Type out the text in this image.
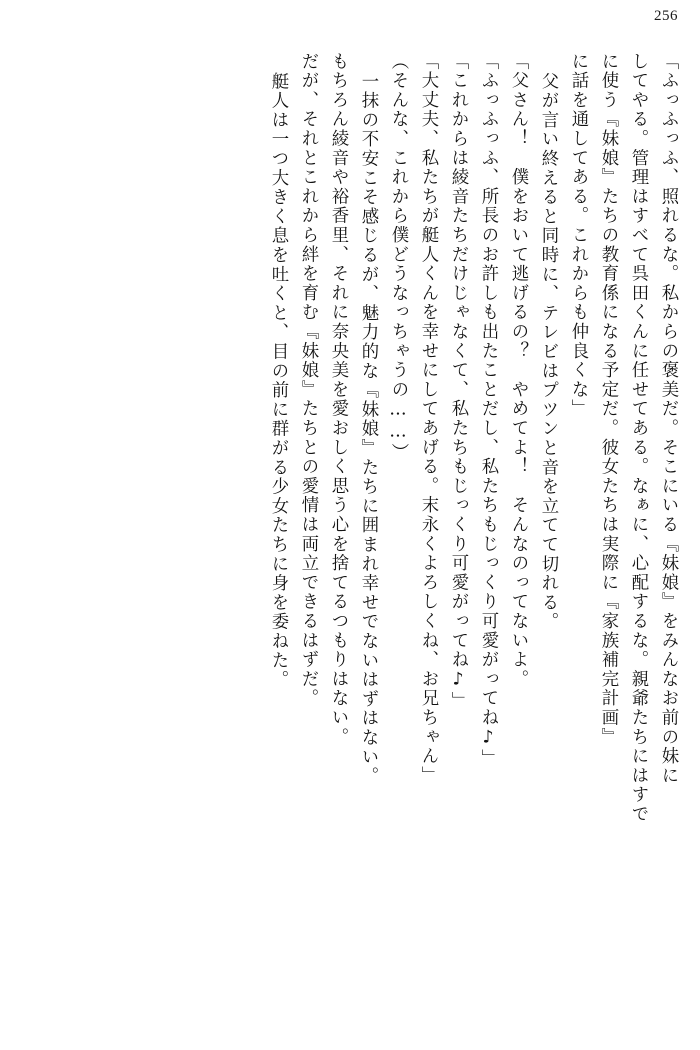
256
「ふっふっふ、照れるな。私からの褒美だ。そこにいる『妹娘』をみんなお前の妹に
してやる。管理はすべて呉田くんに任せてある。なぁに、心配するな。親爺たちにはすで
に使う『妹娘』たちの教育係になる予定だ。彼女たちは実際に『家族補完計画』
に話を通してある。これからも仲良くな」
父が言い終えると同時に、テレビはプツンと音を立てて切れる。
「父さん！　僕をおいて逃げるの？　やめてよ！　そんなのってないよ。
「ふっふっふ、所長のお許しも出たことだし、私たちもじっくり可愛がってね♪」
「これからは綾音たちだけじゃなくて、私たちもじっくり可愛がってね♪」
「大丈夫、私たちが艇人くんを幸せにしてあげる。末永くよろしくね、お兄ちゃん」
（そんな、これから僕どうなっちゃうの……）
一抹の不安こそ感じるが、魅力的な『妹娘』たちに囲まれ幸せでないはずはない。
もちろん綾音や裕香里、それに奈央美を愛おしく思う心を捨てるつもりはない。
だが、それとこれから絆を育む『妹娘』たちとの愛情は両立できるはずだ。
艇人は一つ大きく息を吐くと、目の前に群がる少女たちに身を委ねた。
